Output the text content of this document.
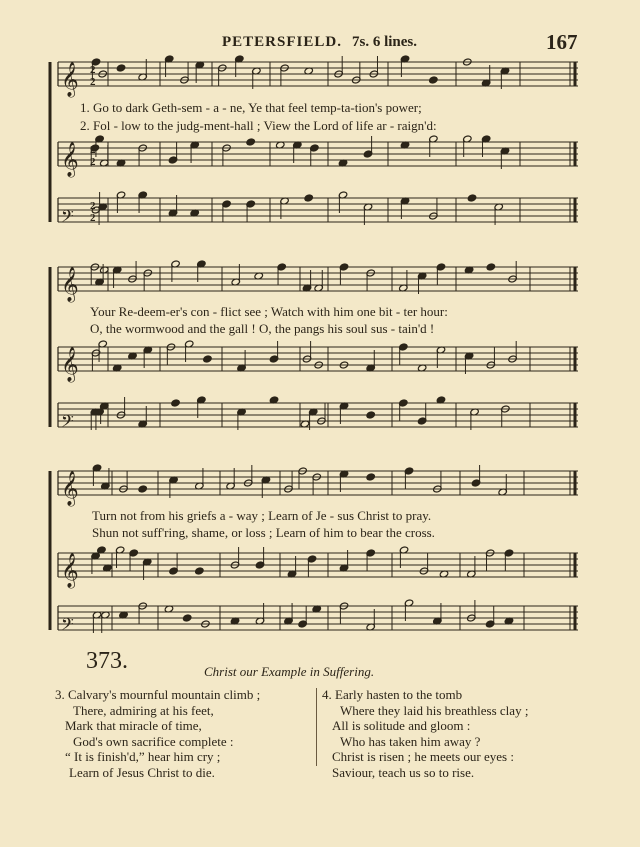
PETERSFIELD. 7s. 6 lines.	167
𝄞
𝄞
𝄢
𝄞
𝄞
𝄢
𝄞
𝄞
𝄢
2
2
2
2
2
2
1. Go to dark Geth-sem - a - ne, Ye that feel temp-ta-tion's power;
2. Fol - low to the judg-ment-hall ; View the Lord of life ar - raign'd:
Your Re-deem-er's con - flict see ; Watch with him one bit - ter hour:
O, the wormwood and the gall ! O, the pangs his soul sus - tain'd !
Turn not from his griefs a - way ; Learn of Je - sus Christ to pray.
Shun not suff'ring, shame, or loss ; Learn of him to bear the cross.
373.	Christ our Example in Suffering.
3. Calvary's mournful mountain climb ;
There, admiring at his feet,
Mark that miracle of time,
God's own sacrifice complete :
“ It is finish'd,” hear him cry ;
Learn of Jesus Christ to die.
4. Early hasten to the tomb
Where they laid his breathless clay ;
All is solitude and gloom :
Who has taken him away ?
Christ is risen ; he meets our eyes :
Saviour, teach us so to rise.
